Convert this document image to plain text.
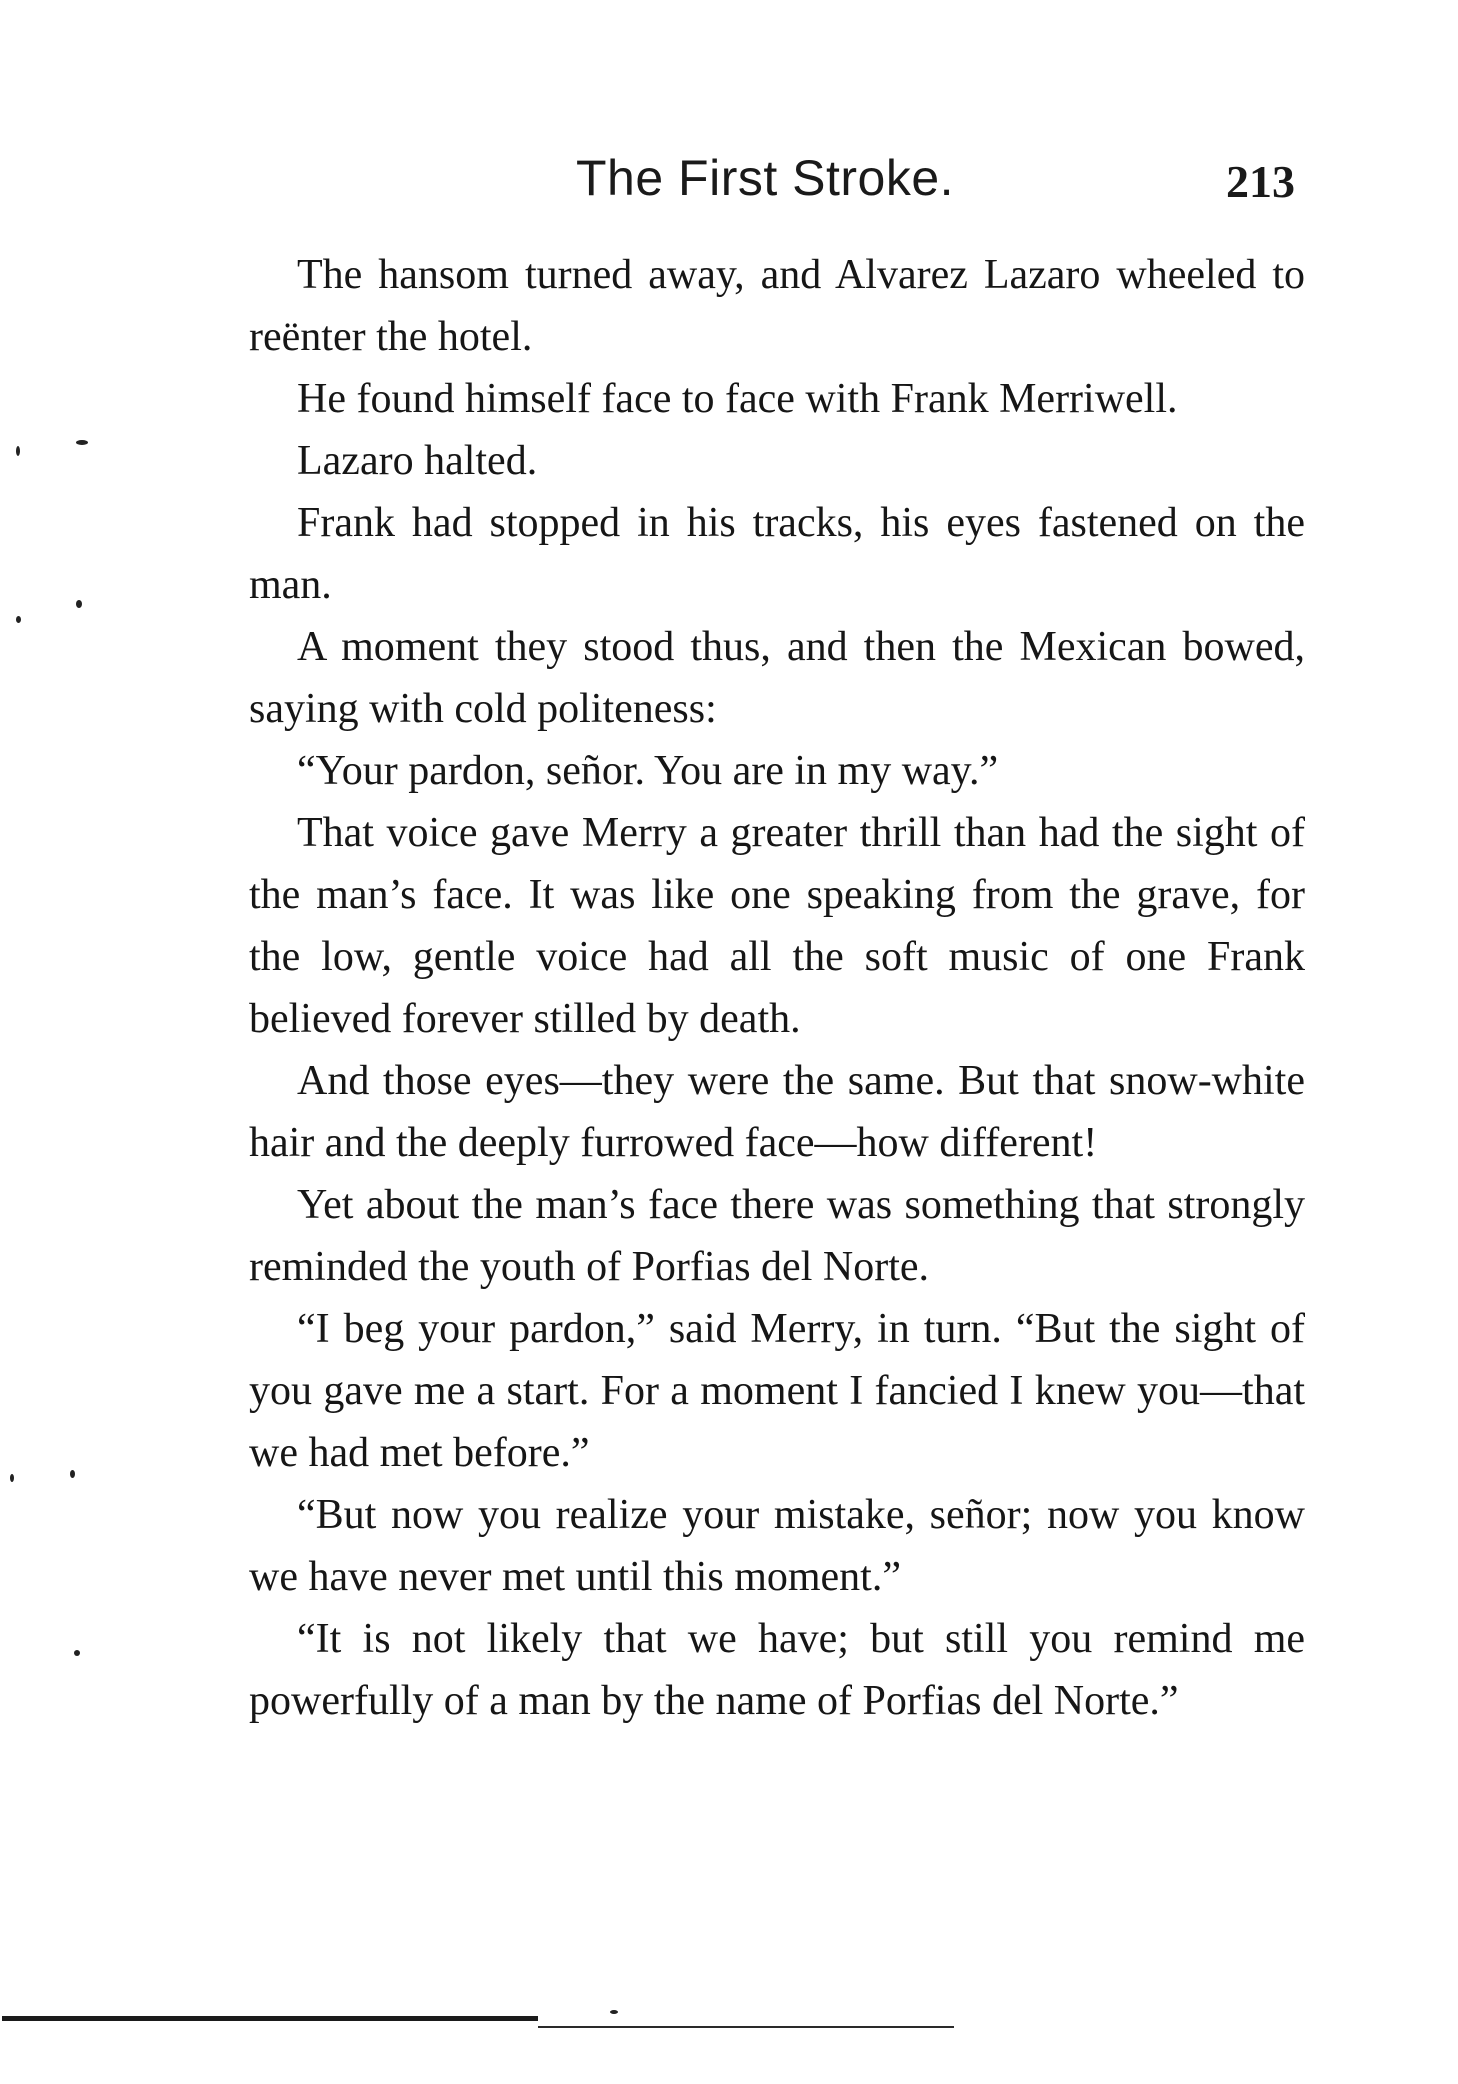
The First Stroke.	213

The hansom turned away, and Alvarez Lazaro wheeled to reënter the hotel.

He found himself face to face with Frank Merriwell.

Lazaro halted.

Frank had stopped in his tracks, his eyes fastened on the man.

A moment they stood thus, and then the Mexican bowed, saying with cold politeness:

“Your pardon, señor. You are in my way.”

That voice gave Merry a greater thrill than had the sight of the man’s face. It was like one speaking from the grave, for the low, gentle voice had all the soft music of one Frank believed forever stilled by death.

And those eyes—they were the same. But that snow-white hair and the deeply furrowed face—how different!

Yet about the man’s face there was something that strongly reminded the youth of Porfias del Norte.

“I beg your pardon,” said Merry, in turn. “But the sight of you gave me a start. For a moment I fancied I knew you—that we had met before.”

“But now you realize your mistake, señor; now you know we have never met until this moment.”

“It is not likely that we have; but still you remind me powerfully of a man by the name of Porfias del Norte.”
